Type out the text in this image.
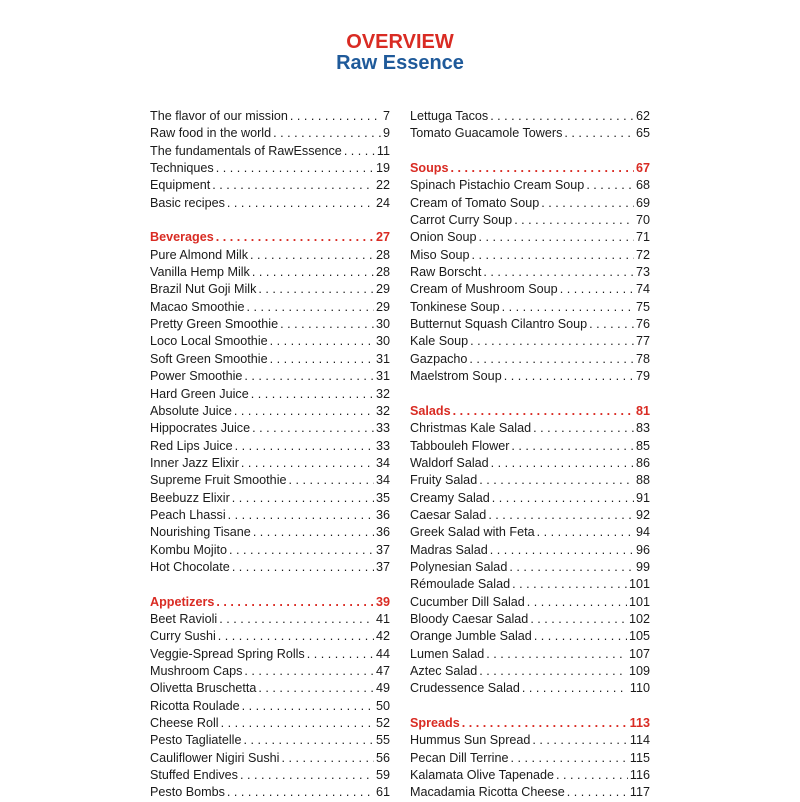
OVERVIEW
Raw Essence
The flavor of our mission . . .	7
Raw food in the world . . .	9
The fundamentals of RawEssence . . .	11
Techniques . . .	19
Equipment . . .	22
Basic recipes . . .	24
Beverages . . .	27
Pure Almond Milk . . .	28
Vanilla Hemp Milk . . .	28
Brazil Nut Goji Milk . . .	29
Macao Smoothie . . .	29
Pretty Green Smoothie . . .	30
Loco Local Smoothie . . .	30
Soft Green Smoothie . . .	31
Power Smoothie . . .	31
Hard Green Juice . . .	32
Absolute Juice . . .	32
Hippocrates Juice . . .	33
Red Lips Juice . . .	33
Inner Jazz Elixir . . .	34
Supreme Fruit Smoothie . . .	34
Beebuzz Elixir . . .	35
Peach Lhassi . . .	36
Nourishing Tisane . . .	36
Kombu Mojito . . .	37
Hot Chocolate . . .	37
Appetizers . . .	39
Beet Ravioli . . .	41
Curry Sushi . . .	42
Veggie-Spread Spring Rolls . . .	44
Mushroom Caps . . .	47
Olivetta Bruschetta . . .	49
Ricotta Roulade . . .	50
Cheese Roll . . .	52
Pesto Tagliatelle . . .	55
Cauliflower Nigiri Sushi . . .	56
Stuffed Endives . . .	59
Pesto Bombs . . .	61
Lettuga Tacos . . .	62
Tomato Guacamole Towers . . .	65
Soups . . .	67
Spinach Pistachio Cream Soup . . .	68
Cream of Tomato Soup . . .	69
Carrot Curry Soup . . .	70
Onion Soup . . .	71
Miso Soup . . .	72
Raw Borscht . . .	73
Cream of Mushroom Soup . . .	74
Tonkinese Soup . . .	75
Butternut Squash Cilantro Soup . . .	76
Kale Soup . . .	77
Gazpacho . . .	78
Maelstrom Soup . . .	79
Salads . . .	81
Christmas Kale Salad . . .	83
Tabbouleh Flower . . .	85
Waldorf Salad . . .	86
Fruity Salad . . .	88
Creamy Salad . . .	91
Caesar Salad . . .	92
Greek Salad with Feta . . .	94
Madras Salad . . .	96
Polynesian Salad . . .	99
Rémoulade Salad . . .	101
Cucumber Dill Salad . . .	101
Bloody Caesar Salad . . .	102
Orange Jumble Salad . . .	105
Lumen Salad . . .	107
Aztec Salad . . .	109
Crudessence Salad . . .	110
Spreads . . .	113
Hummus Sun Spread . . .	114
Pecan Dill Terrine . . .	115
Kalamata Olive Tapenade . . .	116
Macadamia Ricotta Cheese . . .	117
